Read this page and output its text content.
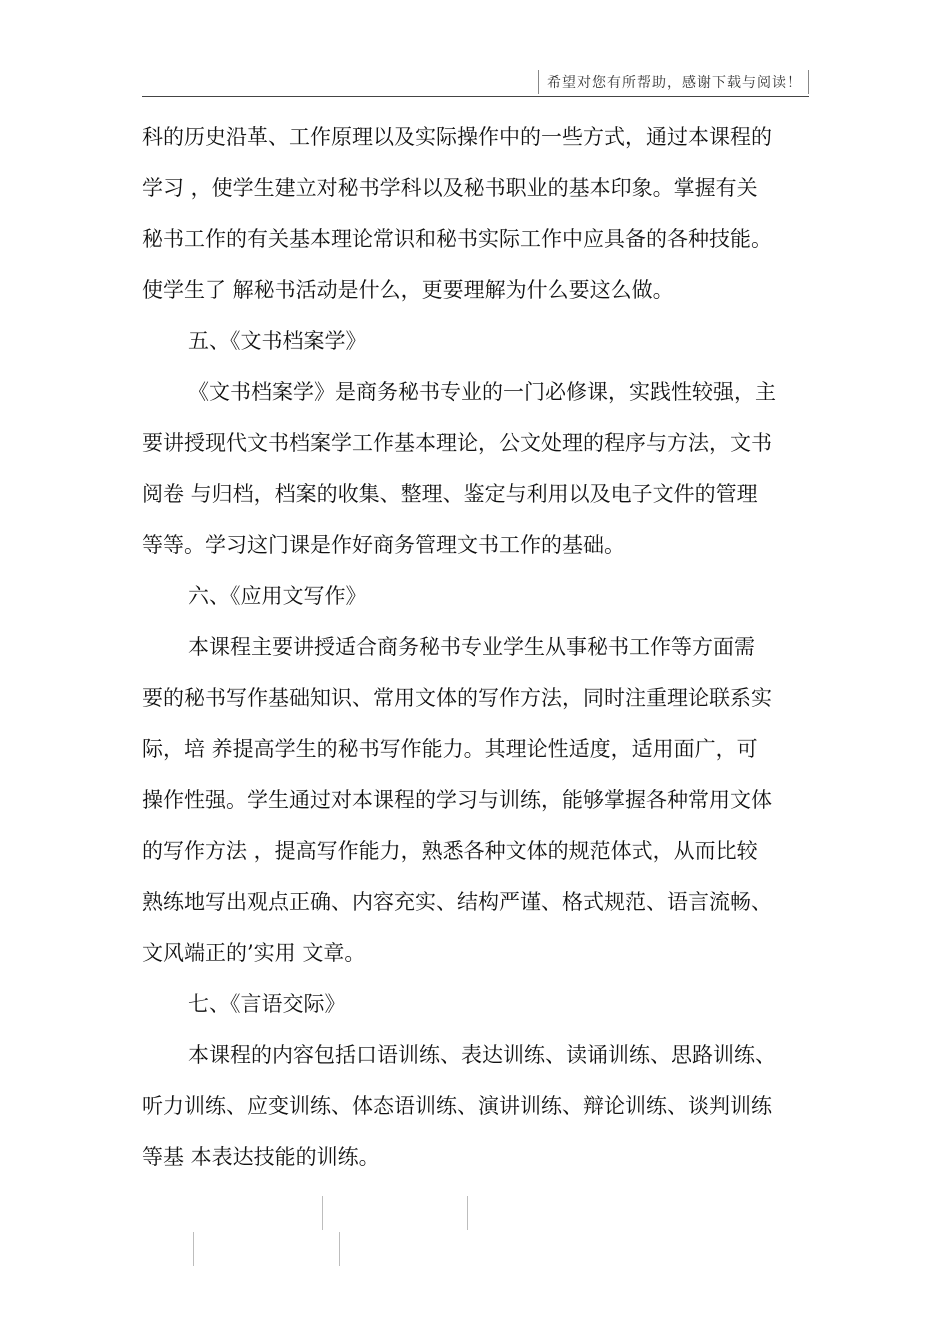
希望对您有所帮助，感谢下载与阅读！
科的历史沿革、工作原理以及实际操作中的一些方式，通过本课程的
学习 ，使学生建立对秘书学科以及秘书职业的基本印象。掌握有关
秘书工作的有关基本理论常识和秘书实际工作中应具备的各种技能。
使学生了 解秘书活动是什么，更要理解为什么要这么做。
五、《文书档案学》
《文书档案学》是商务秘书专业的一门必修课，实践性较强，主
要讲授现代文书档案学工作基本理论，公文处理的程序与方法，文书
阅卷 与归档，档案的收集、整理、鉴定与利用以及电子文件的管理
等等。学习这门课是作好商务管理文书工作的基础。
六、《应用文写作》
本课程主要讲授适合商务秘书专业学生从事秘书工作等方面需
要的秘书写作基础知识、常用文体的写作方法，同时注重理论联系实
际，培 养提高学生的秘书写作能力。其理论性适度，适用面广，可
操作性强。学生通过对本课程的学习与训练，能够掌握各种常用文体
的写作方法 ，提高写作能力，熟悉各种文体的规范体式，从而比较
熟练地写出观点正确、内容充实、结构严谨、格式规范、语言流畅、
文风端正的’实用 文章。
七、《言语交际》
本课程的内容包括口语训练、表达训练、读诵训练、思路训练、
听力训练、应变训练、体态语训练、演讲训练、辩论训练、谈判训练
等基 本表达技能的训练。
